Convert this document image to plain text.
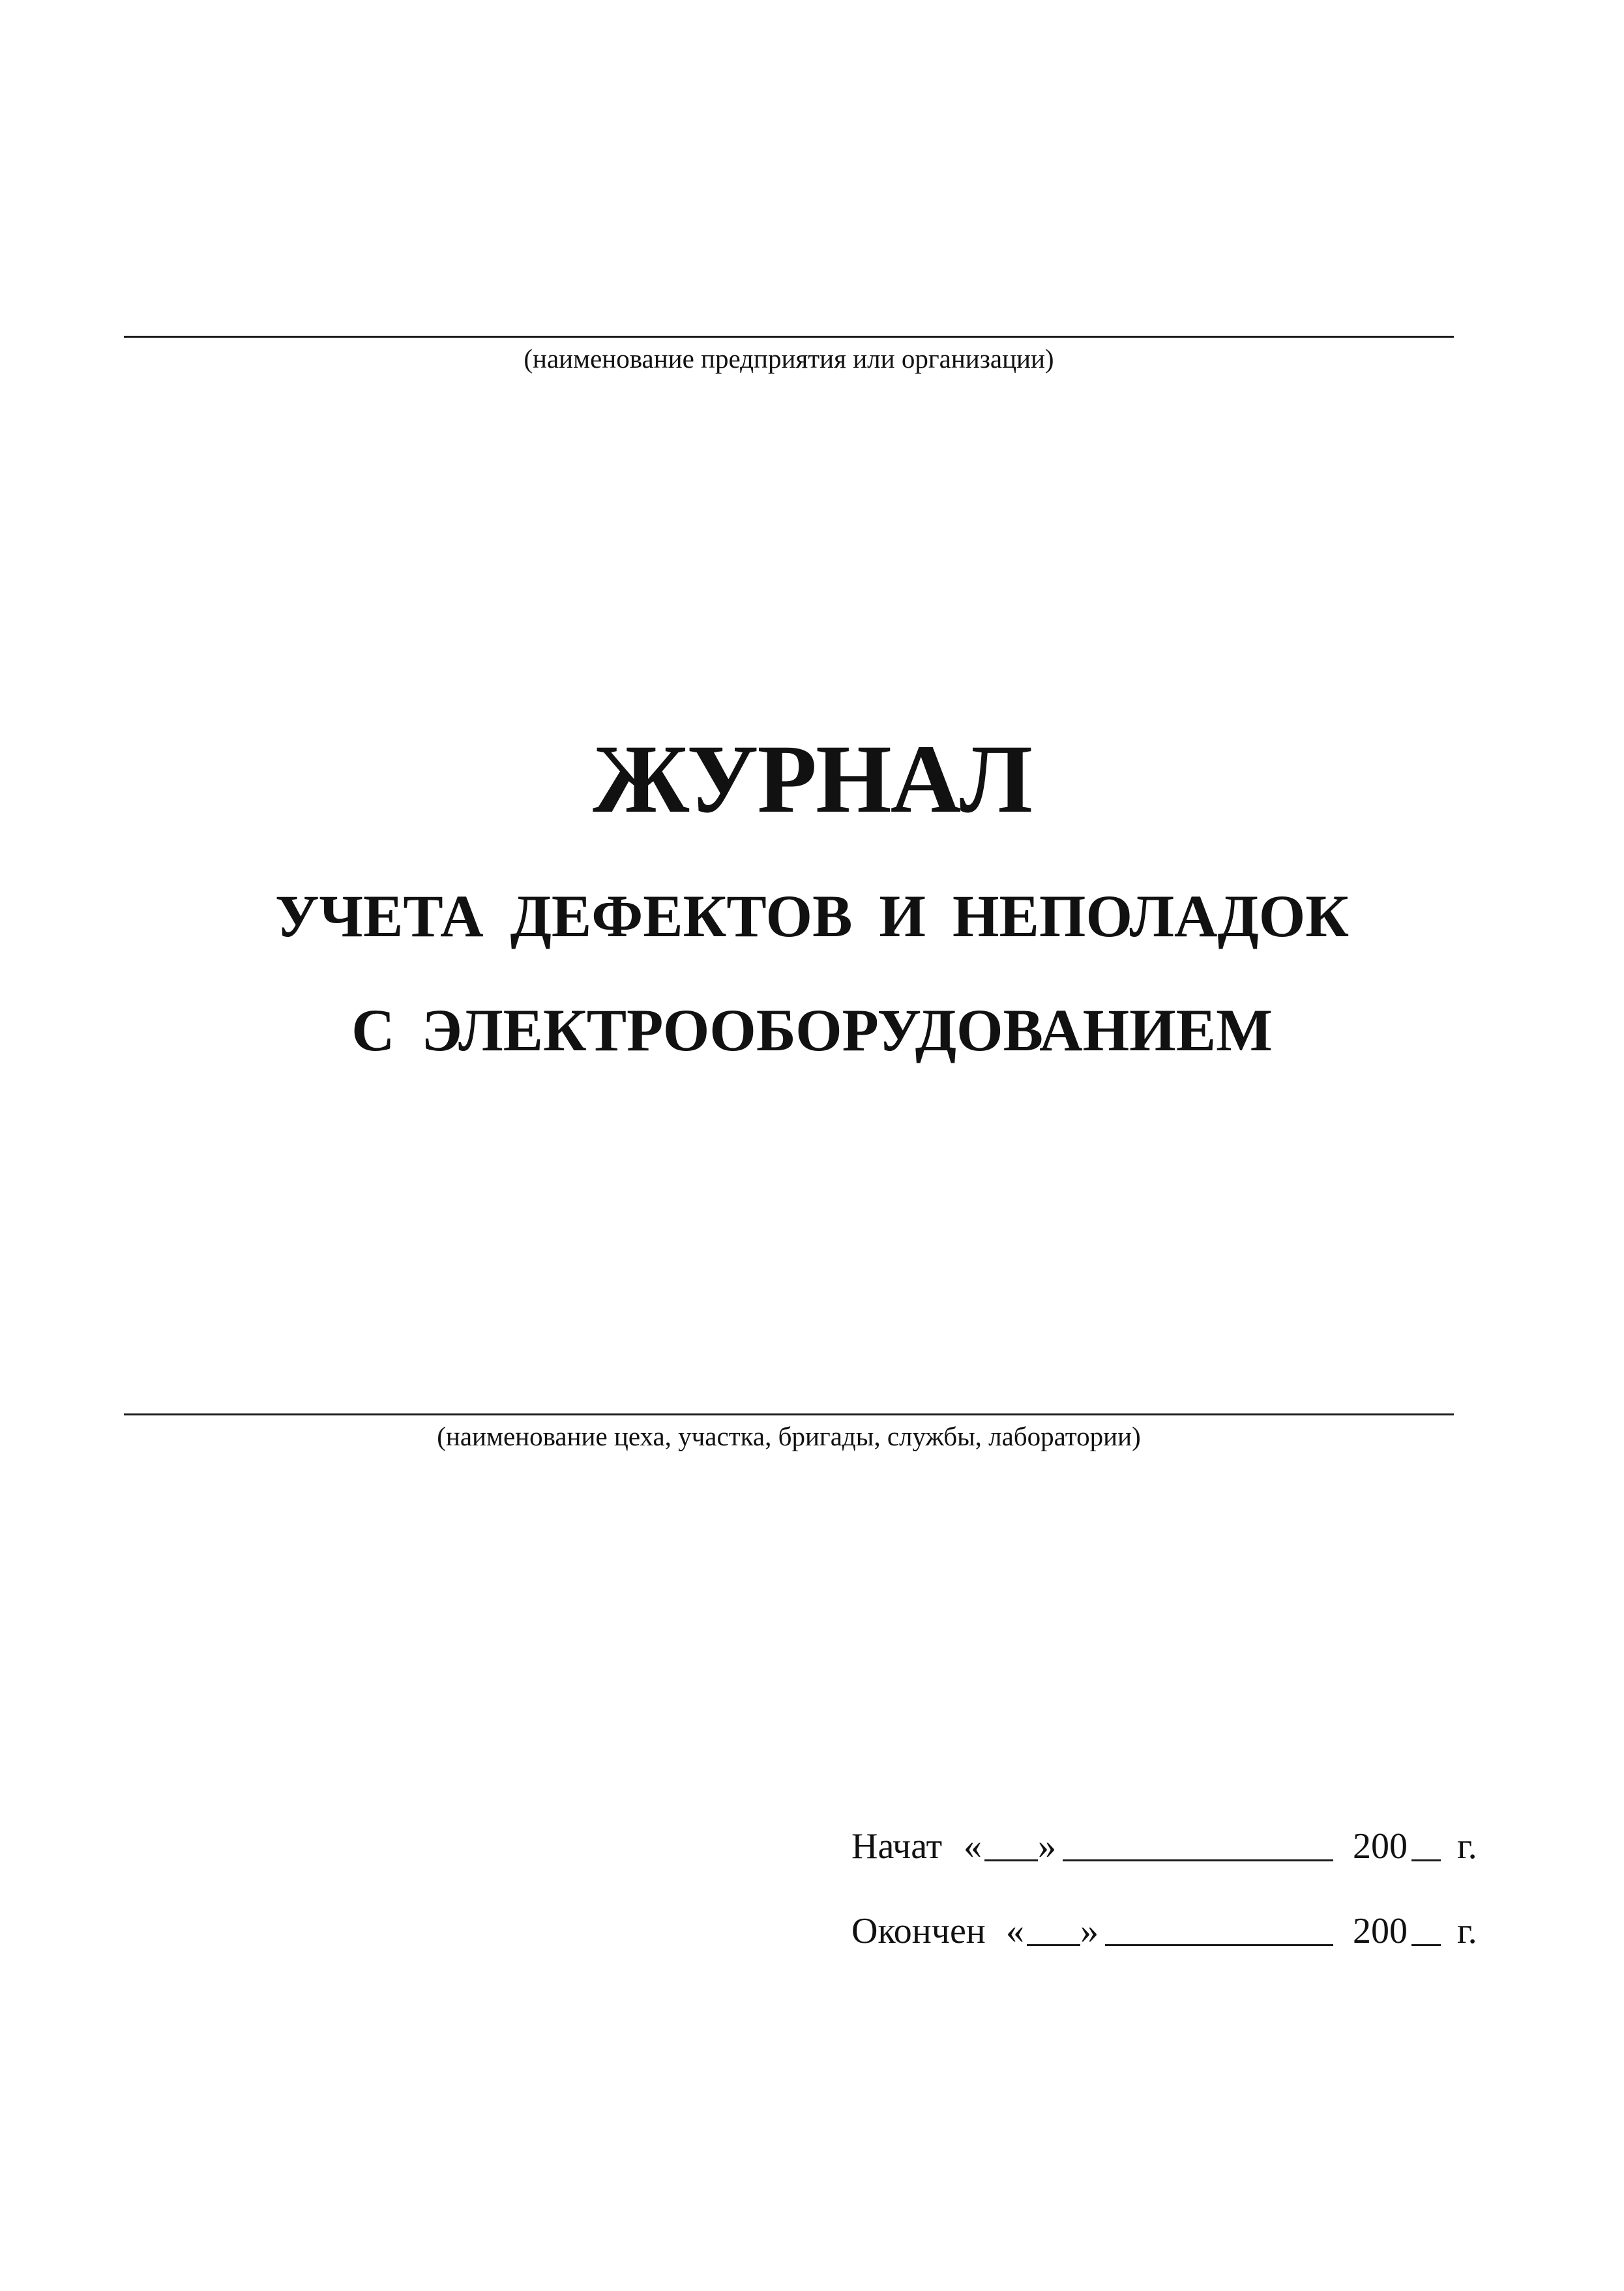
(наименование предприятия или организации)
ЖУРНАЛ
УЧЕТА ДЕФЕКТОВ И НЕПОЛАДОК
С ЭЛЕКТРООБОРУДОВАНИЕМ
(наименование цеха, участка, бригады, службы, лаборатории)
Начат « »	200 г.
Окончен « »	200 г.
